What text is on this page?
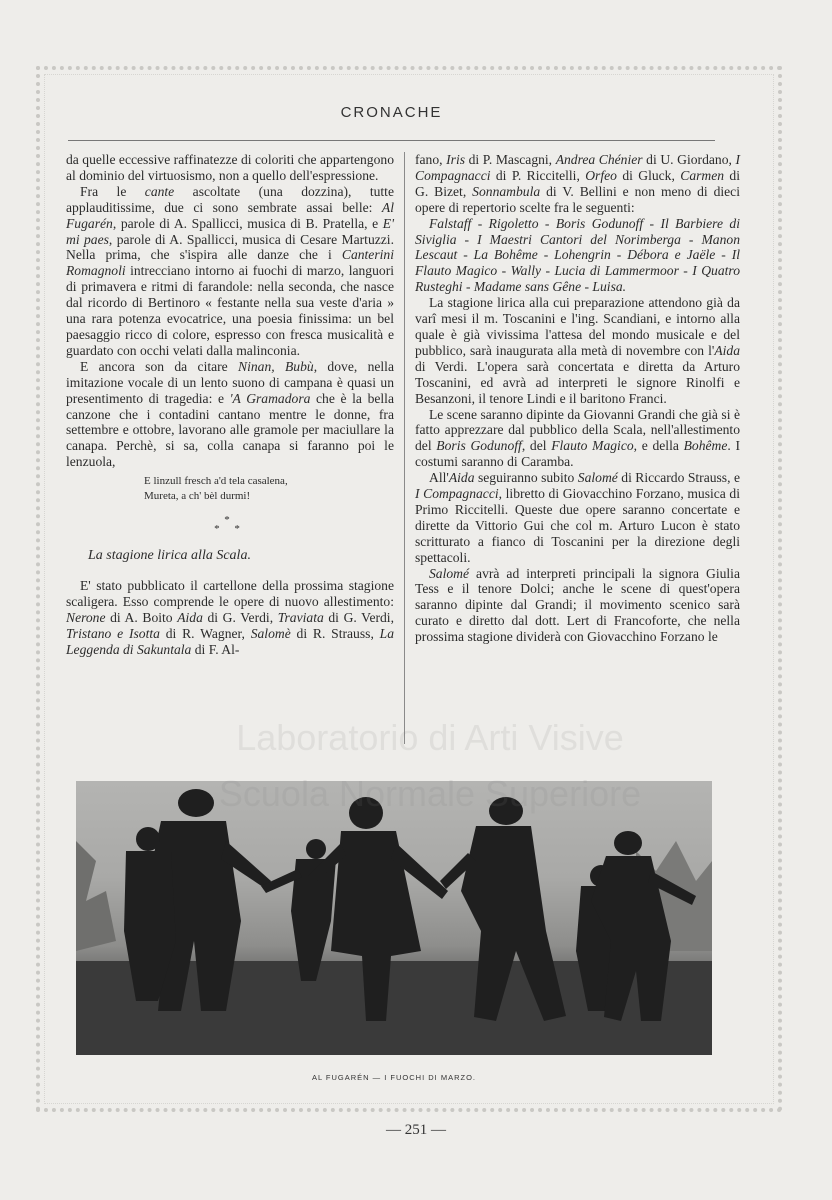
CRONACHE

da quelle eccessive raffinatezze di coloriti che appartengono al dominio del virtuosismo, non a quello dell'espressione.

Fra le cante ascoltate (una dozzina), tutte applauditissime, due ci sono sembrate assai belle: Al Fugarén, parole di A. Spallicci, musica di B. Pratella, e E' mi paes, parole di A. Spallicci, musica di Cesare Martuzzi. Nella prima, che s'ispira alle danze che i Canterini Romagnoli intrecciano intorno ai fuochi di marzo, languori di primavera e ritmi di farandole: nella seconda, che nasce dal ricordo di Bertinoro « festante nella sua veste d'aria » una rara potenza evocatrice, una poesia finissima: un bel paesaggio ricco di colore, espresso con fresca musicalità e guardato con occhi velati dalla malinconia.

E ancora son da citare Ninan, Bubù, dove, nella imitazione vocale di un lento suono di campana è quasi un presentimento di tragedia: e 'A Gramadora che è la bella canzone che i contadini cantano mentre le donne, fra settembre e ottobre, lavorano alle gramole per maciullare la canapa. Perchè, si sa, colla canapa si faranno poi le lenzuola,

E linzull fresch a'd tela casalena,
Mureta, a ch' bèl durmi!
*
* *
La stagione lirica alla Scala.

E' stato pubblicato il cartellone della prossima stagione scaligera. Esso comprende le opere di nuovo allestimento: Nerone di A. Boito Aida di G. Verdi, Traviata di G. Verdi, Tristano e Isotta di R. Wagner, Salomè di R. Strauss, La Leggenda di Sakuntala di F. Al-

fano, Iris di P. Mascagni, Andrea Chénier di U. Giordano, I Compagnacci di P. Riccitelli, Orfeo di Gluck, Carmen di G. Bizet, Sonnambula di V. Bellini e non meno di dieci opere di repertorio scelte fra le seguenti:

Falstaff - Rigoletto - Boris Godunoff - Il Barbiere di Siviglia - I Maestri Cantori del Norimberga - Manon Lescaut - La Bohême - Lohengrin - Débora e Jaële - Il Flauto Magico - Wally - Lucia di Lammermoor - I Quatro Rusteghi - Madame sans Gêne - Luisa.

La stagione lirica alla cui preparazione attendono già da varî mesi il m. Toscanini e l'ing. Scandiani, e intorno alla quale è già vivissima l'attesa del mondo musicale e del pubblico, sarà inaugurata alla metà di novembre con l'Aida di Verdi. L'opera sarà concertata e diretta da Arturo Toscanini, ed avrà ad interpreti le signore Rinolfi e Besanzoni, il tenore Lindi e il baritono Franci.

Le scene saranno dipinte da Giovanni Grandi che già si è fatto apprezzare dal pubblico della Scala, nell'allestimento del Boris Godunoff, del Flauto Magico, e della Bohême. I costumi saranno di Caramba.

All'Aida seguiranno subito Salomé di Riccardo Strauss, e I Compagnacci, libretto di Giovacchino Forzano, musica di Primo Riccitelli. Queste due opere saranno concertate e dirette da Vittorio Gui che col m. Arturo Lucon è stato scritturato a fianco di Toscanini per la direzione degli spettacoli.

Salomé avrà ad interpreti principali la signora Giulia Tess e il tenore Dolci; anche le scene di quest'opera saranno dipinte dal Grandi; il movimento scenico sarà curato e diretto dal dott. Lert di Francoforte, che nella prossima stagione dividerà con Giovacchino Forzano le

Laboratorio di Arti Visive
Scuola Normale Superiore
AL FUGARÉN — I FUOCHI DI MARZO.
— 251 —
